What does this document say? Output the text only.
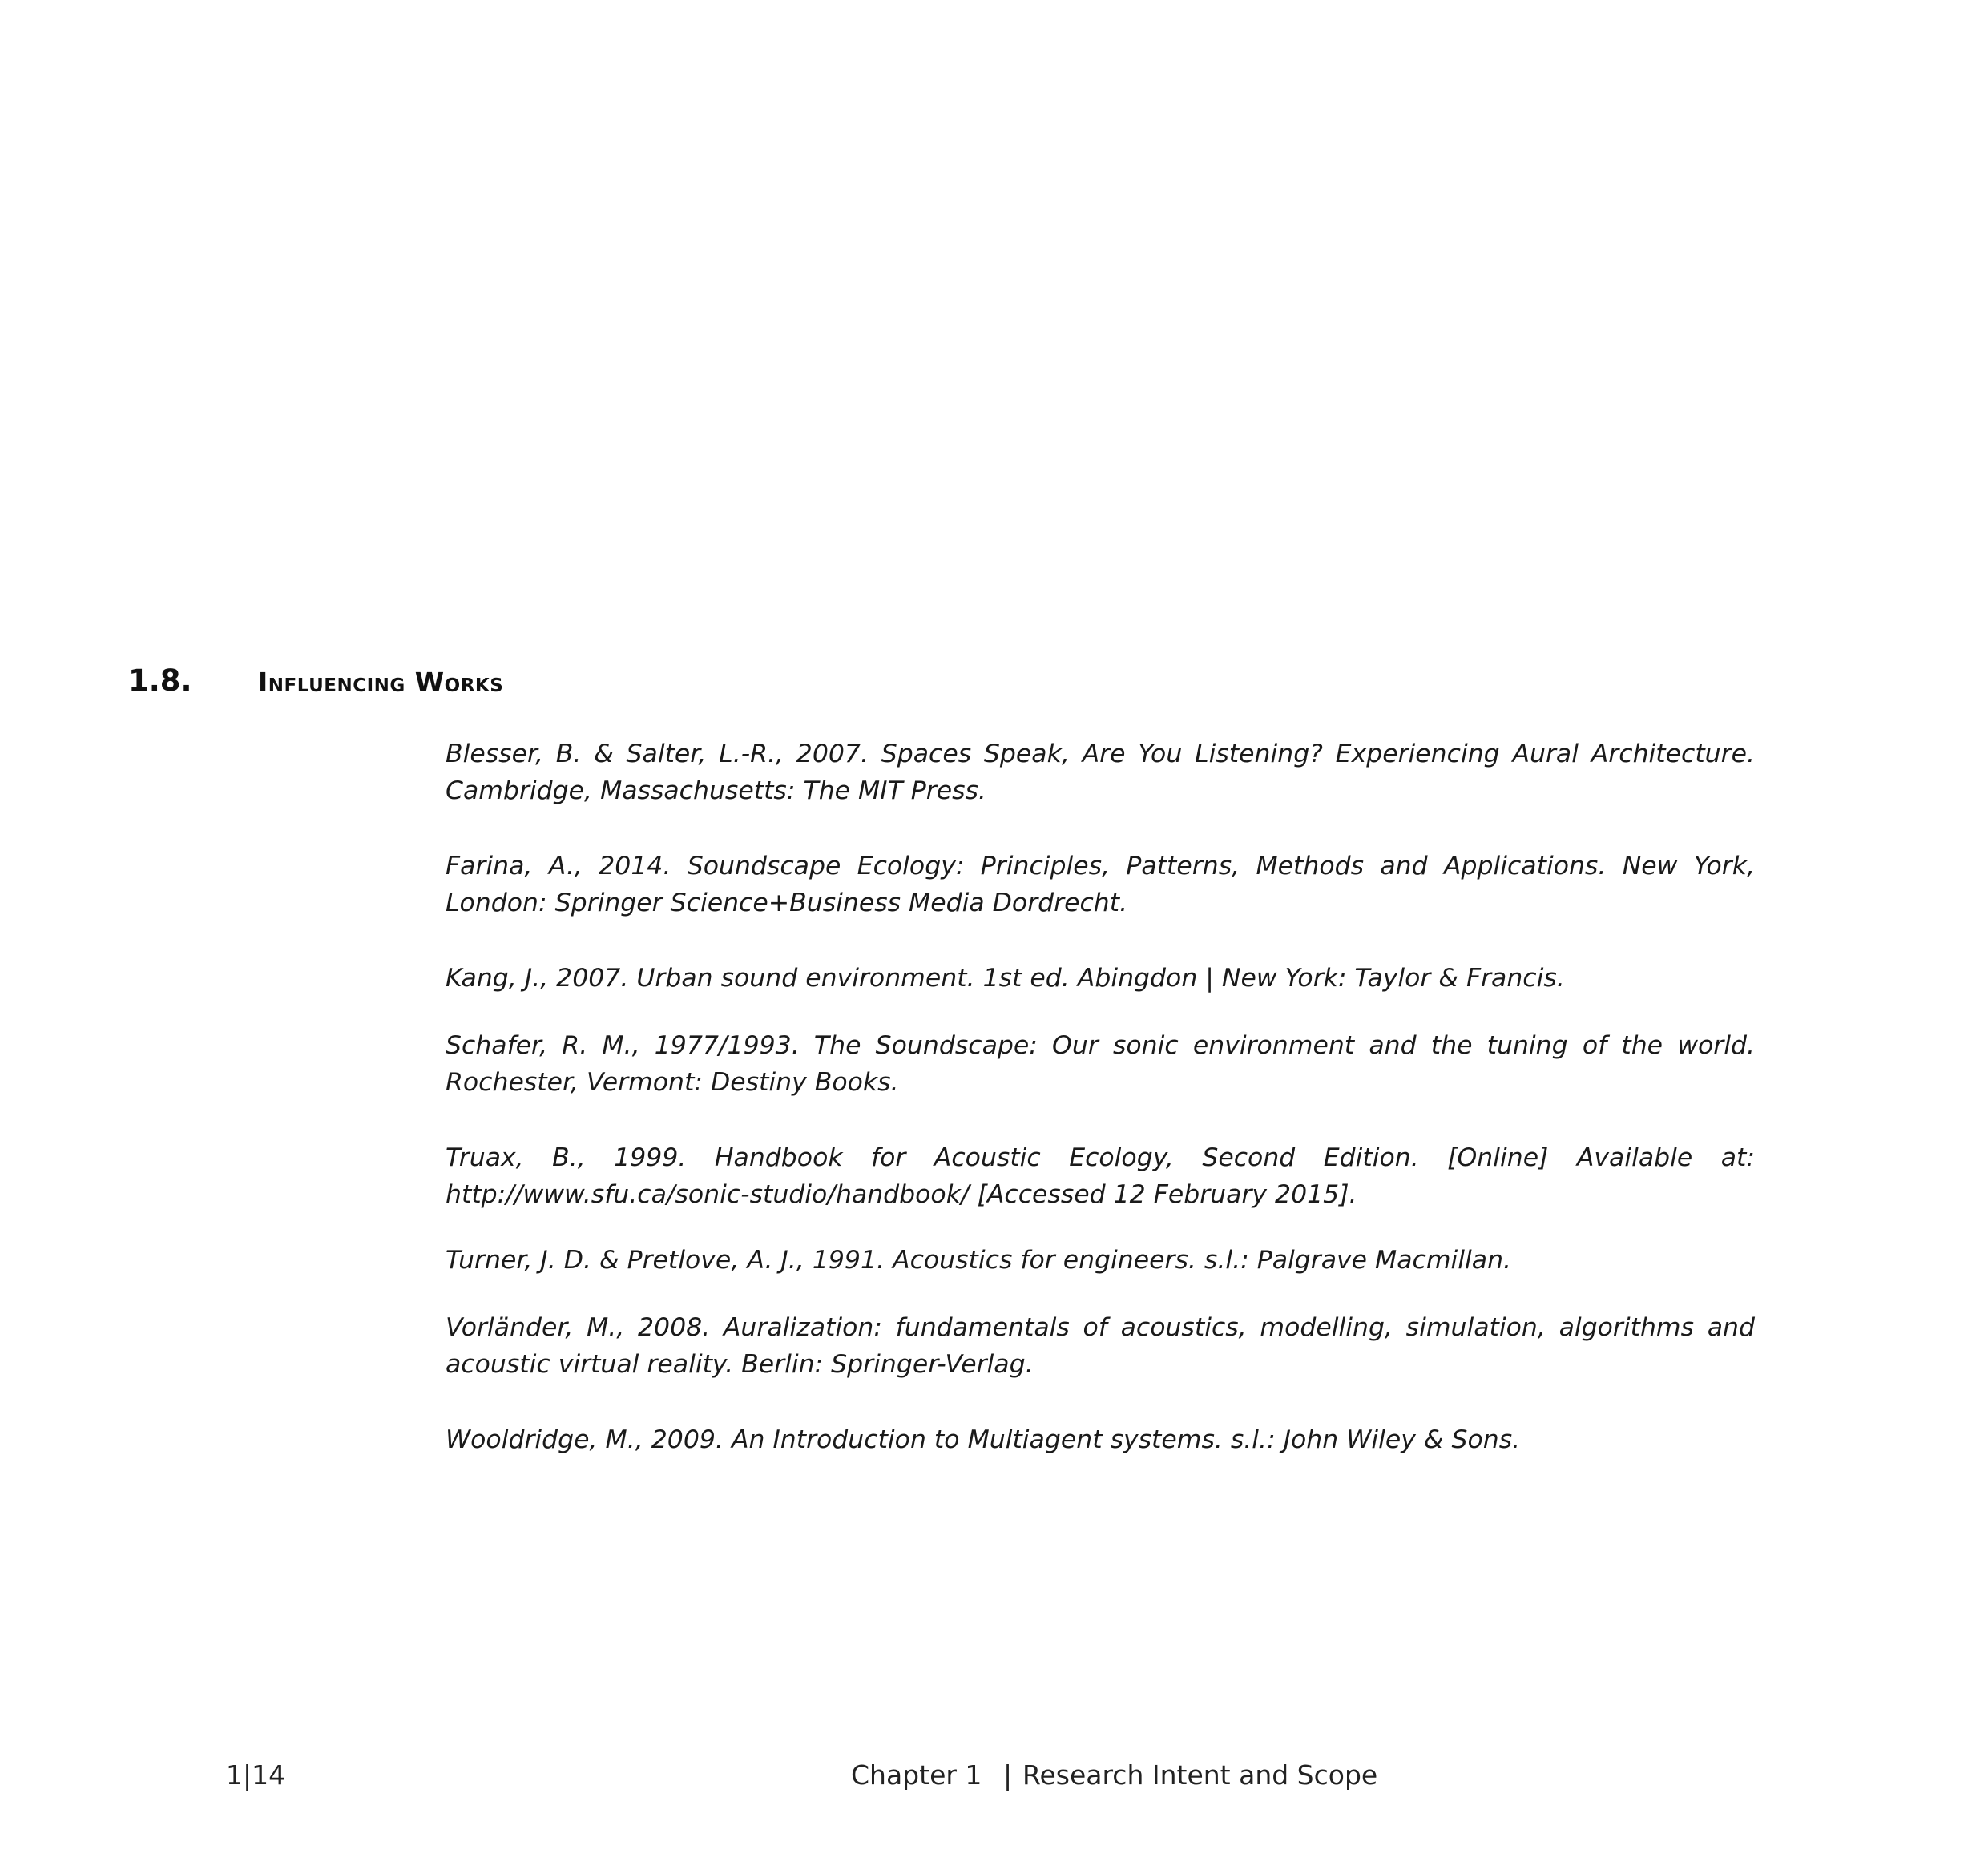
1.8. Influencing Works
Blesser, B. & Salter, L.-R., 2007. Spaces Speak, Are You Listening? Experiencing Aural Architecture. Cambridge, Massachusetts: The MIT Press.
Farina, A., 2014. Soundscape Ecology: Principles, Patterns, Methods and Applications. New York, London: Springer Science+Business Media Dordrecht.
Kang, J., 2007. Urban sound environment. 1st ed. Abingdon | New York: Taylor & Francis.
Schafer, R. M., 1977/1993. The Soundscape: Our sonic environment and the tuning of the world. Rochester, Vermont: Destiny Books.
Truax, B., 1999. Handbook for Acoustic Ecology, Second Edition. [Online] Available at: http://www.sfu.ca/sonic-studio/handbook/ [Accessed 12 February 2015].
Turner, J. D. & Pretlove, A. J., 1991. Acoustics for engineers. s.l.: Palgrave Macmillan.
Vorländer, M., 2008. Auralization: fundamentals of acoustics, modelling, simulation, algorithms and acoustic virtual reality. Berlin: Springer-Verlag.
Wooldridge, M., 2009. An Introduction to Multiagent systems. s.l.: John Wiley & Sons.
1|14	Chapter 1 | Research Intent and Scope
